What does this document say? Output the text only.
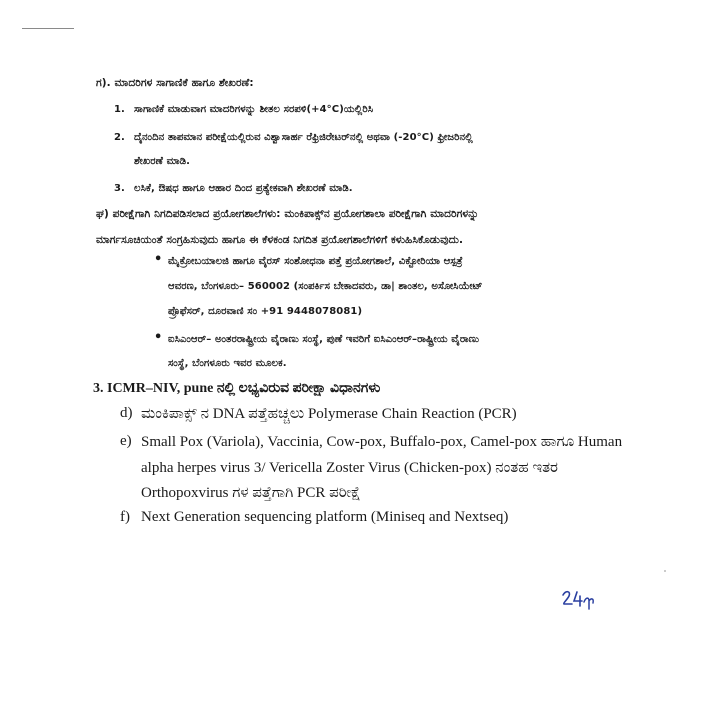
ಗ). ಮಾದರಿಗಳ ಸಾಗಾಣಿಕೆ ಹಾಗೂ ಶೇಖರಣೆ:
1. ಸಾಗಾಣಿಕೆ ಮಾಡುವಾಗ ಮಾದರಿಗಳನ್ನು ಶೀತಲ ಸರಪಳಿ(+4°C)ಯಲ್ಲಿರಿಸಿ
2. ದೈನಂದಿನ ತಾಪಮಾನ ಪರೀಕ್ಷೆಯಲ್ಲಿರುವ ವಿಶ್ವಾಸಾರ್ಹ ರೆಫ್ರಿಜಿರೇಟರ್‌ನಲ್ಲಿ ಅಥವಾ (-20°C) ಫ್ರೀಜರಿನಲ್ಲಿ
ಶೇಖರಣೆ ಮಾಡಿ.
3. ಲಸಿಕೆ, ಔಷಧ ಹಾಗೂ ಆಹಾರ ದಿಂದ ಪ್ರತ್ಯೇಕವಾಗಿ ಶೇಖರಣೆ ಮಾಡಿ.
ಘ) ಪರೀಕ್ಷೆಗಾಗಿ ನಿಗದಿಪಡಿಸಲಾದ ಪ್ರಯೋಗಶಾಲೆಗಳು: ಮಂಕಿಪಾಕ್ಸ್‌ನ ಪ್ರಯೋಗಶಾಲಾ ಪರೀಕ್ಷೆಗಾಗಿ ಮಾದರಿಗಳನ್ನು
ಮಾರ್ಗಸೂಚಿಯಂತೆ ಸಂಗ್ರಹಿಸುವುದು ಹಾಗೂ ಈ ಕೆಳಕಂಡ ನಿಗದಿತ ಪ್ರಯೋಗಶಾಲೆಗಳಿಗೆ ಕಳುಹಿಸಿಕೊಡುವುದು.
• ಮೈಕ್ರೋಬಯಾಲಜಿ ಹಾಗೂ ವೈರಸ್ ಸಂಶೋಧನಾ ಪತ್ತೆ ಪ್ರಯೋಗಶಾಲೆ, ವಿಕ್ಟೋರಿಯಾ ಆಸ್ಪತ್ರೆ
ಆವರಣ, ಬೆಂಗಳೂರು– 560002 (ಸಂಪರ್ಕಿಸ ಬೇಕಾದವರು, ಡಾ| ಶಾಂತಲ, ಅಸೋಸಿಯೇಟ್
ಪ್ರೊಫೆಸರ್, ದೂರವಾಣಿ ಸಂ +91 9448078081)
• ಐಸಿಎಂಆರ್– ಅಂತರರಾಷ್ಟ್ರೀಯ ವೈರಾಣು ಸಂಸ್ಥೆ, ಪುಣೆ ಇವರಿಗೆ ಐಸಿಎಂಆರ್–ರಾಷ್ಟ್ರೀಯ ವೈರಾಣು
ಸಂಸ್ಥೆ, ಬೆಂಗಳೂರು ಇವರ ಮೂಲಕ.
3. ICMR–NIV, pune ನಲ್ಲಿ ಲಭ್ಯವಿರುವ ಪರೀಕ್ಷಾ ವಿಧಾನಗಳು
d) ಮಂಕಿಪಾಕ್ಸ್ ನ DNA ಪತ್ತೆಹಚ್ಚಲು Polymerase Chain Reaction (PCR)
e) Small Pox (Variola), Vaccinia, Cow-pox, Buffalo-pox, Camel-pox ಹಾಗೂ Human
alpha herpes virus 3/ Vericella Zoster Virus (Chicken-pox) ನಂತಹ ಇತರ
Orthopoxvirus ಗಳ ಪತ್ತೆಗಾಗಿ PCR ಪರೀಕ್ಷೆ
f) Next Generation sequencing platform (Miniseq and Nextseq)
